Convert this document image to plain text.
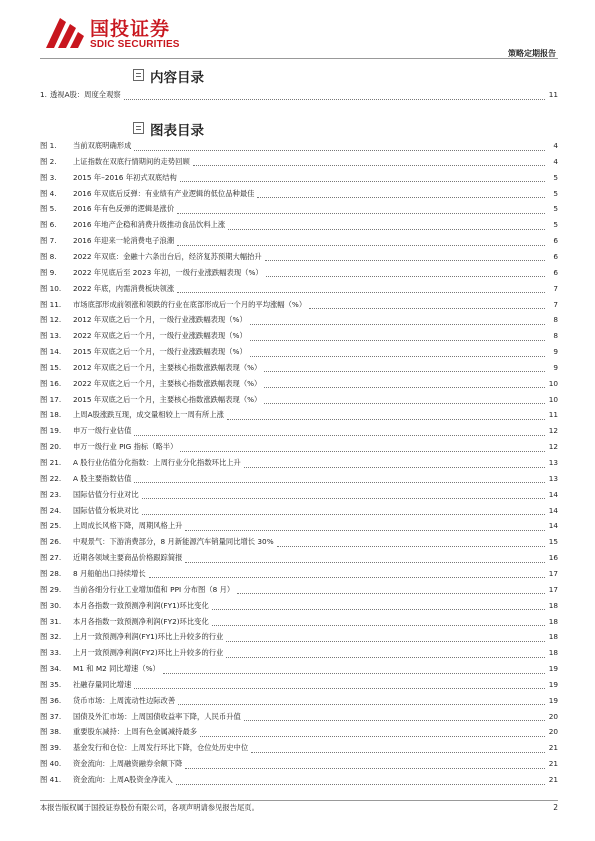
国投证券
SDIC SECURITIES
策略定期报告
内容目录
1. 透视A股：周度全观察	11
图表目录
图 1.	当前双底明确形成	4
图 2.	上证指数在双底行情期间的走势回顾	4
图 3.	2015 年–2016 年初式双底结构	5
图 4.	2016 年双底后反弹：有业绩有产业逻辑的低位品种最佳	5
图 5.	2016 年有色反弹的逻辑是涨价	5
图 6.	2016 年地产企稳和消费升级推动食品饮料上涨	5
图 7.	2016 年迎来一轮消费电子浪潮	6
图 8.	2022 年双底：金融十六条出台后，经济复苏预期大幅抬升	6
图 9.	2022 年见底后至 2023 年初，一级行业涨跌幅表现（%）	6
图 10.	2022 年底，内需消费板块领涨	7
图 11.	市场底部形成前领涨和领跌的行业在底部形成后一个月的平均涨幅（%）	7
图 12.	2012 年双底之后一个月，一级行业涨跌幅表现（%）	8
图 13.	2022 年双底之后一个月，一级行业涨跌幅表现（%）	8
图 14.	2015 年双底之后一个月，一级行业涨跌幅表现（%）	9
图 15.	2012 年双底之后一个月，主要核心指数涨跌幅表现（%）	9
图 16.	2022 年双底之后一个月，主要核心指数涨跌幅表现（%）	10
图 17.	2015 年双底之后一个月，主要核心指数涨跌幅表现（%）	10
图 18.	上周A股涨跌互现，成交量相较上一周有所上涨	11
图 19.	申万一级行业估值	12
图 20.	申万一级行业 PIG 指标（略半）	12
图 21.	A 股行业估值分化指数：上周行业分化指数环比上升	13
图 22.	A 股主要指数估值	13
图 23.	国际估值分行业对比	14
图 24.	国际估值分板块对比	14
图 25.	上周成长风格下降，周期风格上升	14
图 26.	中观景气：下游消费部分，8 月新能源汽车销量同比增长 30%	15
图 27.	近期各领域主要商品价格跟踪简报	16
图 28.	8 月船舶出口持续增长	17
图 29.	当前各细分行业工业增加值和 PPI 分布图（8 月）	17
图 30.	本月各指数一致预测净利润(FY1)环比变化	18
图 31.	本月各指数一致预测净利润(FY2)环比变化	18
图 32.	上月一致预测净利润(FY1)环比上升较多的行业	18
图 33.	上月一致预测净利润(FY2)环比上升较多的行业	18
图 34.	M1 和 M2 同比增速（%）	19
图 35.	社融存量同比增速	19
图 36.	货币市场：上周流动性边际改善	19
图 37.	国债及外汇市场：上周国债收益率下降，人民币升值	20
图 38.	重要股东减持：上周有色金属减持最多	20
图 39.	基金发行和仓位：上周发行环比下降，仓位处历史中位	21
图 40.	资金流向：上周融资融券余额下降	21
图 41.	资金流向：上周A股资金净流入	21
本报告版权属于国投证券股份有限公司，各项声明请参见报告尾页。	2
